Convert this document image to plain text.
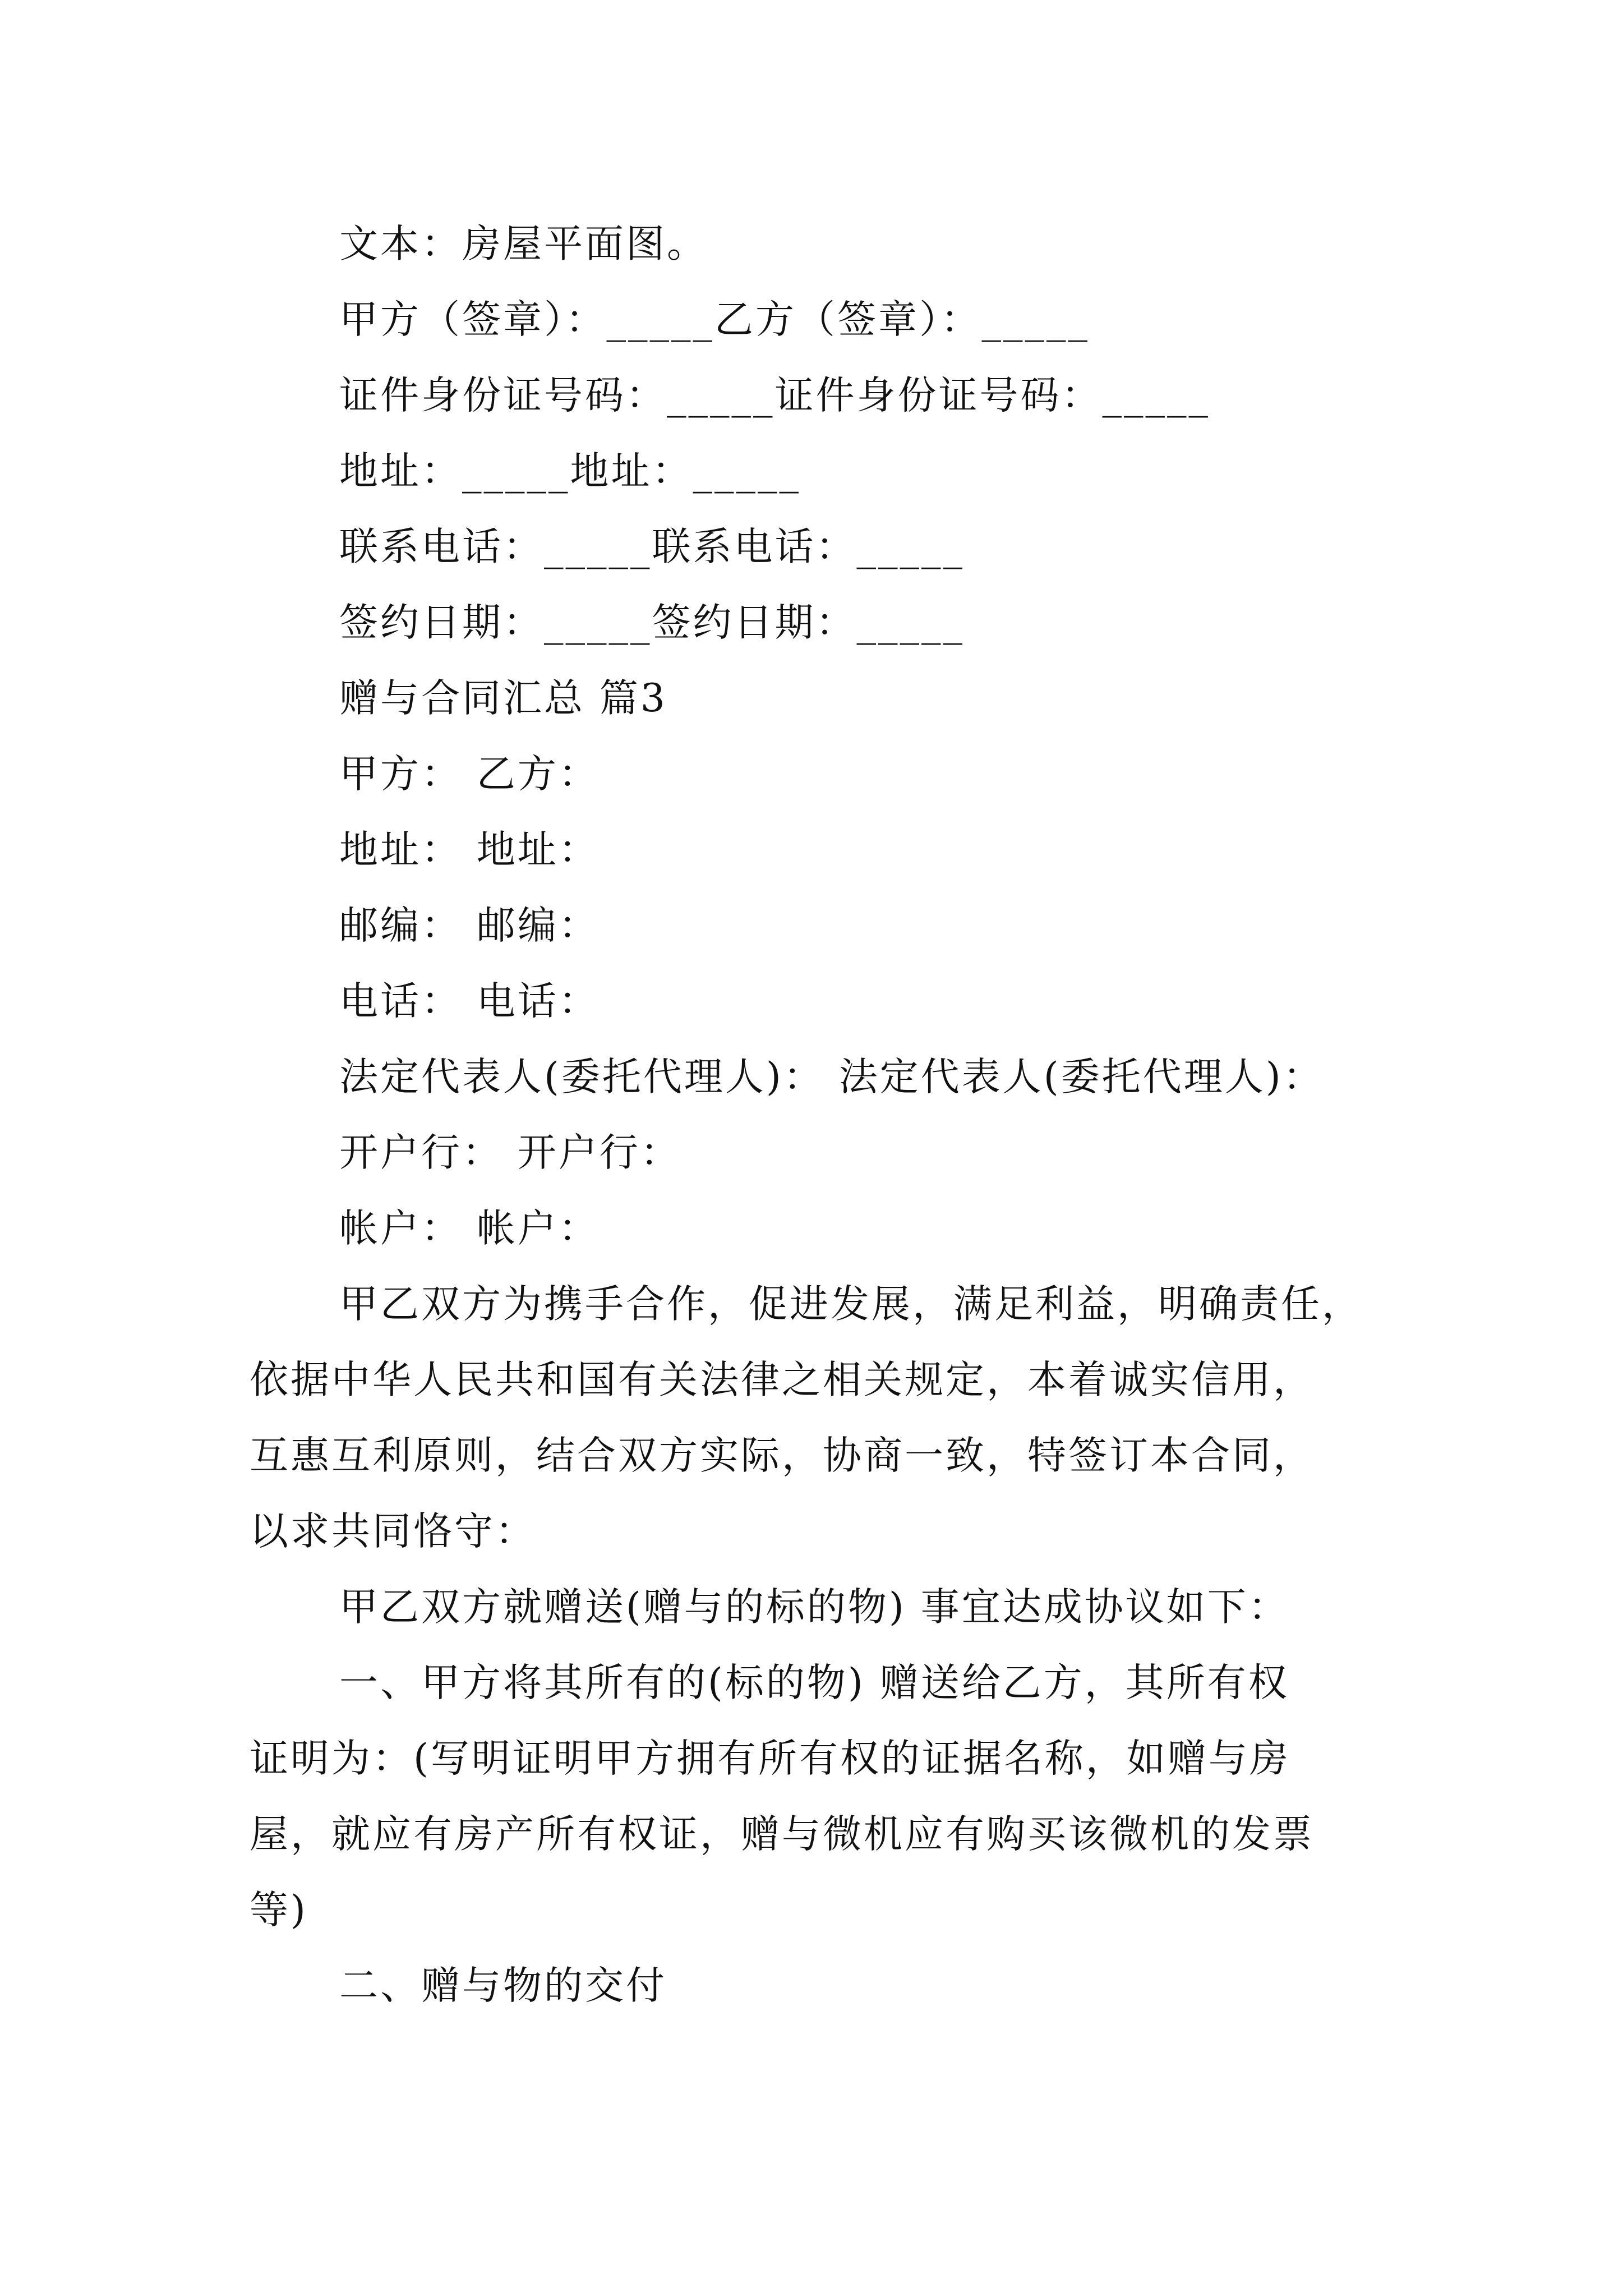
文本：房屋平面图。
甲方（签章）：_____乙方（签章）：_____
证件身份证号码：_____证件身份证号码：_____
地址：_____地址：_____
联系电话：_____联系电话：_____
签约日期：_____签约日期：_____
赠与合同汇总 篇3
甲方： 乙方：
地址： 地址：
邮编： 邮编：
电话： 电话：
法定代表人(委托代理人)： 法定代表人(委托代理人)：
开户行： 开户行：
帐户： 帐户：
甲乙双方为携手合作，促进发展，满足利益，明确责任，
依据中华人民共和国有关法律之相关规定，本着诚实信用，
互惠互利原则，结合双方实际，协商一致，特签订本合同，
以求共同恪守：
甲乙双方就赠送(赠与的标的物) 事宜达成协议如下：
一、甲方将其所有的(标的物) 赠送给乙方，其所有权
证明为：(写明证明甲方拥有所有权的证据名称，如赠与房
屋，就应有房产所有权证，赠与微机应有购买该微机的发票
等)
二、赠与物的交付
